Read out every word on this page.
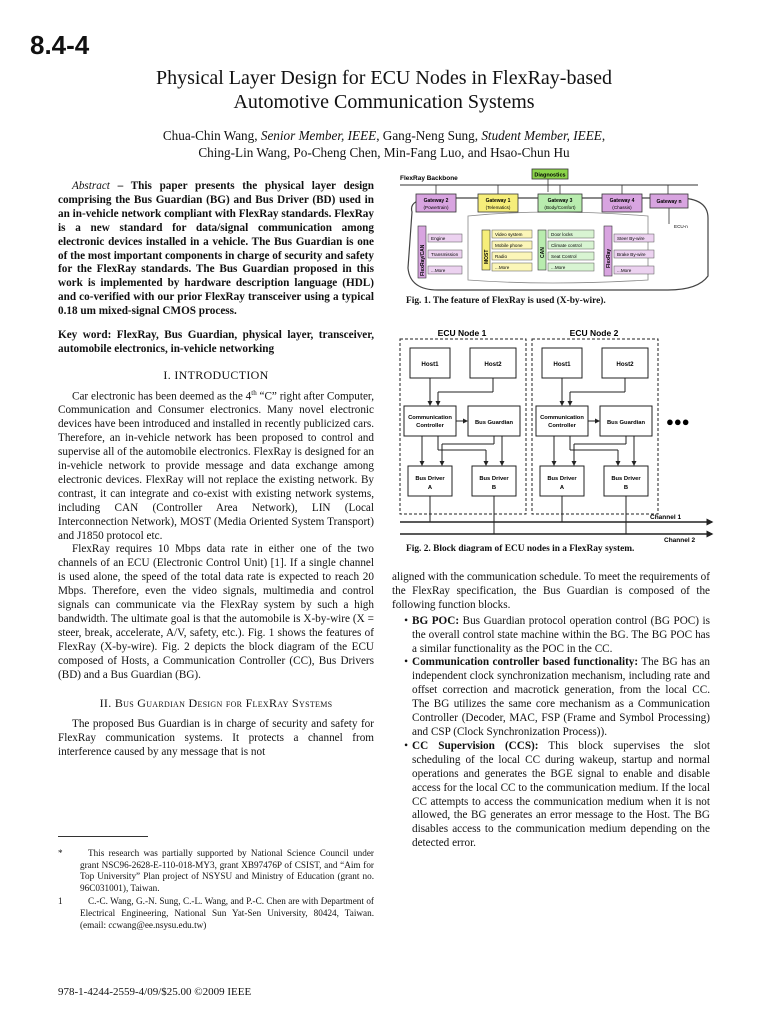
8.4-4
Physical Layer Design for ECU Nodes in FlexRay-based
Automotive Communication Systems
Chua-Chin Wang, Senior Member, IEEE, Gang-Neng Sung, Student Member, IEEE,
Ching-Lin Wang, Po-Cheng Chen, Min-Fang Luo, and Hsao-Chun Hu

Abstract – This paper presents the physical layer design comprising the Bus Guardian (BG) and Bus Driver (BD) used in an in-vehicle network compliant with FlexRay standards. FlexRay is a new standard for data/signal communication among electronic devices installed in a vehicle. The Bus Guardian is one of the most important components in charge of security and safety for the FlexRay standards. The Bus Guardian proposed in this work is implemented by hardware description language (HDL) and co-verified with our prior FlexRay transceiver using a typical 0.18 um mixed-signal CMOS process.

Key word: FlexRay, Bus Guardian, physical layer, transceiver, automobile electronics, in-vehicle networking

I. INTRODUCTION

Car electronic has been deemed as the 4th “C” right after Computer, Communication and Consumer electronics. Many novel electronic devices have been introduced and installed in recently publicized cars. Therefore, an in-vehicle network has been proposed to control and supervise all of the automobile electronics. FlexRay is designed for an in-vehicle network to provide message and data exchange among electronic devices. FlexRay will not replace the existing network. By contrast, it can integrate and co-exist with existing network systems, including CAN (Controller Area Network), LIN (Local Interconnection Network), MOST (Media Oriented System Transport) and J1850 protocol etc.

FlexRay requires 10 Mbps data rate in either one of the two channels of an ECU (Electronic Control Unit) [1]. If a single channel is used alone, the speed of the total data rate is expected to reach 20 Mbps. Therefore, even the video signals, multimedia and control signals can communicate via the FlexRay system by such a high bandwidth. The ultimate goal is that the automobile is X-by-wire (X = steer, break, accelerate, A/V, safety, etc.). Fig. 1 shows the features of FlexRay (X-by-wire). Fig. 2 depicts the block diagram of the ECU composed of Hosts, a Communication Controller (CC), Bus Drivers (BD) and a Bus Guardian (BG).

II. Bus Guardian Design for FlexRay Systems

The proposed Bus Guardian is in charge of security and safety for FlexRay communication systems. It protects a channel from interference caused by any message that is not

*	This research was partially supported by National Science Council under grant NSC96-2628-E-110-018-MY3, grant XB97476P of CSIST, and “Aim for Top University” Plan project of NSYSU and Ministry of Education (grant no. 96C031001), Taiwan.
1	C.-C. Wang, G.-N. Sung, C.-L. Wang, and P.-C. Chen are with Department of Electrical Engineering, National Sun Yat-Sen University, 80424, Taiwan. (email: ccwang@ee.nsysu.edu.tw)
978-1-4244-2559-4/09/$25.00 ©2009 IEEE
FlexRay Backbone	Diagnostics
Gateway 2
(Powertrain)
Gateway 1
(Telematics)
Gateway 3
(Body/Comfort)
Gateway 4
(Chassis)
Gateway n
ECU-n
FlexRay/CAN	MOST	CAN	FlexRay
Engine
Transmission
...More
Video system
Mobile phone
Radio
...More
Door locks
Climate control
Seat Control
...More
Steer By-wire
Brake By-wire
...More
Fig. 1. The feature of FlexRay is used (X-by-wire).
ECU Node 1	ECU Node 2
Host1	Host2
Communication
Controller	Bus Guardian
Bus Driver
A
Bus Driver
B
Host1	Host2
Communication
Controller	Bus Guardian
Bus Driver
A
Bus Driver
B
Channel 1
Channel 2
●●●
Fig. 2. Block diagram of ECU nodes in a FlexRay system.

aligned with the communication schedule. To meet the requirements of the FlexRay specification, the Bus Guardian is composed of the following function blocks.

• BG POC: Bus Guardian protocol operation control (BG POC) is the overall control state machine within the BG. The BG POC has a similar functionality as the POC in the CC.
• Communication controller based functionality: The BG has an independent clock synchronization mechanism, including rate and offset correction and macrotick generation, from the local CC. The BG utilizes the same core mechanism as a Communication Controller (Decoder, MAC, FSP (Frame and Symbol Processing) and CSP (Clock Synchronization Process)).
• CC Supervision (CCS): This block supervises the slot scheduling of the local CC during wakeup, startup and normal operations and generates the BGE signal to enable and disable access for the local CC to the communication medium. If the local CC attempts to access the communication medium when it is not allowed, the BG generates an error message to the Host. The BG disables access to the communication medium depending on the detected error.
